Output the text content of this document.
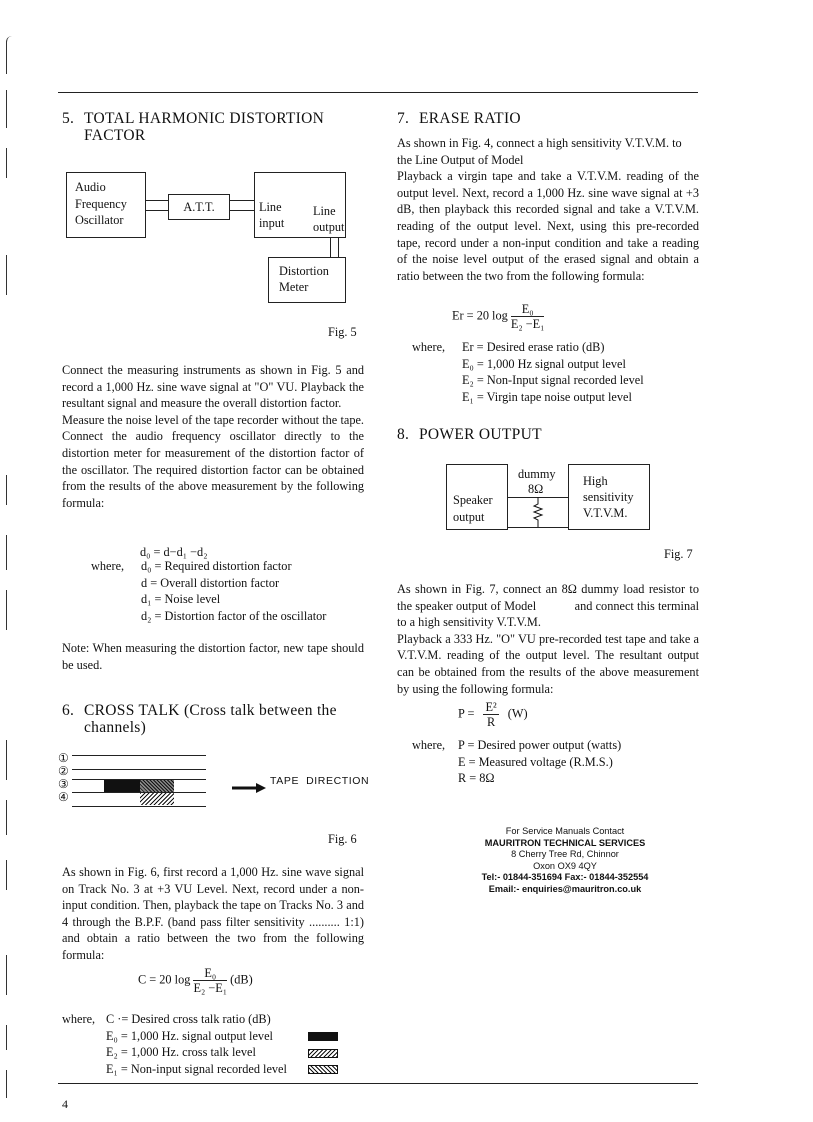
5. TOTAL HARMONIC DISTORTION
FACTOR
Audio
Frequency
Oscillator
A.T.T.	Line
input
Line
output
Distortion
Meter
Fig. 5

Connect the measuring instruments as shown in Fig. 5 and record a 1,000 Hz. sine wave signal at "O" VU. Playback the resultant signal and measure the overall distortion factor.

Measure the noise level of the tape recorder without the tape. Connect the audio frequency oscillator directly to the distortion meter for measurement of the distortion factor of the oscillator. The required distortion factor can be obtained from the results of the above measurement by the following formula:

d₀ = d−d₁ −d₂
where, d₀ = Required distortion factor
d = Overall distortion factor
d₁ = Noise level
d₂ = Distortion factor of the oscillator

Note: When measuring the distortion factor, new tape should be used.

6. CROSS TALK (Cross talk between the
channels)
①
②
③
④
TAPE  DIRECTION
Fig. 6

As shown in Fig. 6, first record a 1,000 Hz. sine wave signal on Track No. 3 at +3 VU Level. Next, record under a non-input condition. Then, playback the tape on Tracks No. 3 and 4 through the B.P.F. (band pass filter sensitivity .......... 1:1) and obtain a ratio between the two from the following formula:

C = 20 $\log \frac{\text{E₀}}{\text{E₂ −E₁}} (dB)$
where, C ·= Desired cross talk ratio (dB)
E₀ = 1,000 Hz. signal output level
E₂ = 1,000 Hz. cross talk level
E₁ = Non-input signal recorded level
4
7. ERASE RATIO

As shown in Fig. 4, connect a high sensitivity V.T.V.M. to the Line Output of Model

Playback a virgin tape and take a V.T.V.M. reading of the output level. Next, record a 1,000 Hz. sine wave signal at +3 dB, then playback this recorded signal and take a V.T.V.M. reading of the output level. Next, using this pre-recorded tape, record under a non-input condition and take a reading of the noise level output of the erased signal and obtain a ratio between the two from the following formula:

Er = 20 $\log \frac{\text{E₀}}{\text{E₂ −E₁}}$
where, Er = Desired erase ratio (dB)
E₀ = 1,000 Hz signal output level
E₂ = Non-Input signal recorded level
E₁ = Virgin tape noise output level
8. POWER OUTPUT
Speaker
output
dummy
8Ω
High
sensitivity
V.T.V.M.
Fig. 7

As shown in Fig. 7, connect an 8Ω dummy load resistor to the speaker output of Model            and connect this terminal to a high sensitivity V.T.V.M.

Playback a 333 Hz. "O" VU pre-recorded test tape and take a V.T.V.M. reading of the output level. The resultant output can be obtained from the results of the above measurement by using the following formula:

$P = \frac{\text{E²}}{R} (W)$
where, P = Desired power output (watts)
E = Measured voltage (R.M.S.)
R = 8Ω
For Service Manuals Contact
MAURITRON TECHNICAL SERVICES
8 Cherry Tree Rd, Chinnor
Oxon OX9 4QY
Tel:- 01844-351694 Fax:- 01844-352554
Email:- enquiries@mauritron.co.uk
